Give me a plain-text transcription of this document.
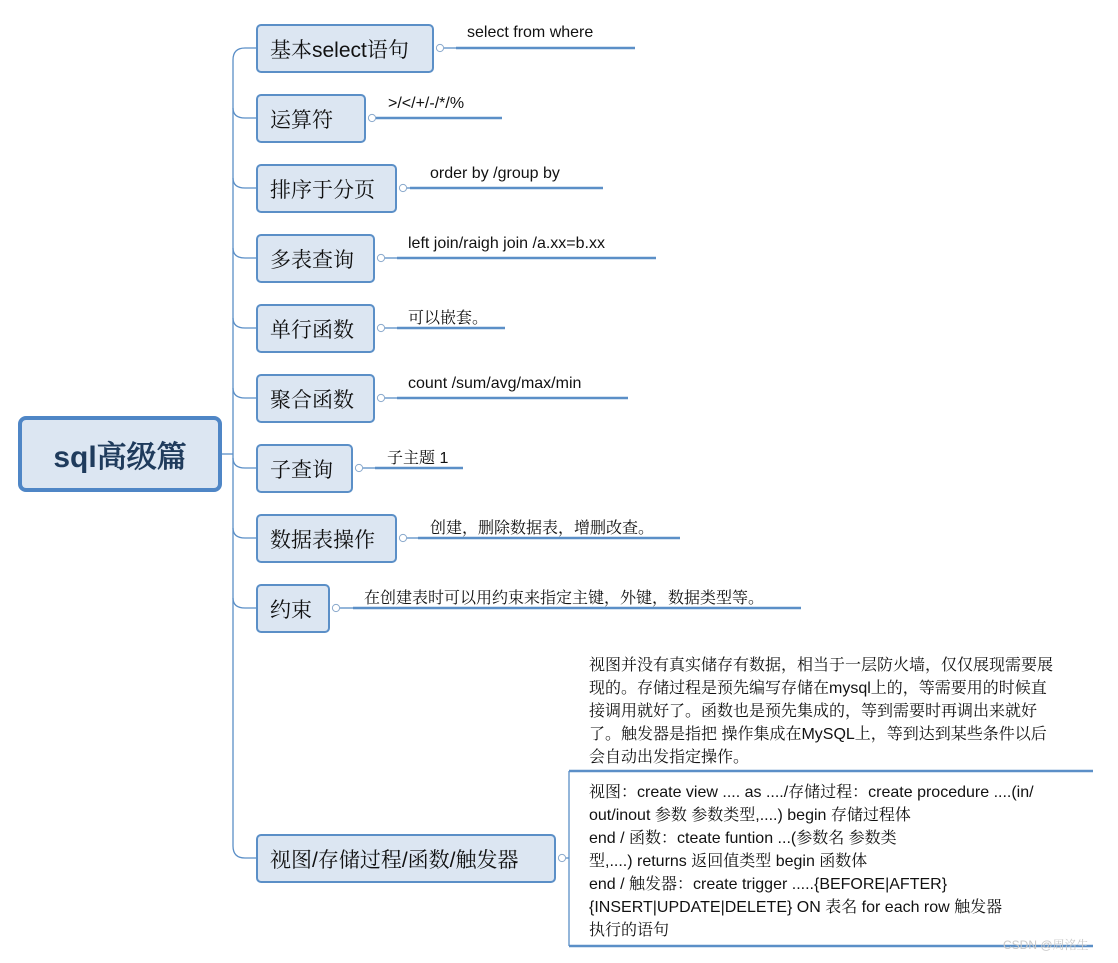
sql高级篇
基本select语句
运算符
排序于分页
多表查询
单行函数
聚合函数
子查询
数据表操作
约束
视图/存储过程/函数/触发器
select from where
>/</+/-/*/%
order by /group by
left join/raigh join /a.xx=b.xx
可以嵌套。
count /sum/avg/max/min
子主题 1
创建，删除数据表，增删改查。
在创建表时可以用约束来指定主键，外键，数据类型等。
视图并没有真实储存有数据，相当于一层防火墙，仅仅展现需要展
现的。存储过程是预先编写存储在mysql上的，等需要用的时候直
接调用就好了。函数也是预先集成的，等到需要时再调出来就好
了。触发器是指把 操作集成在MySQL上，等到达到某些条件以后
会自动出发指定操作。
视图：create view .... as ..../存储过程：create procedure ....(in/
out/inout 参数 参数类型,....) begin 存储过程体
end / 函数：cteate funtion ...(参数名 参数类
型,....) returns 返回值类型 begin 函数体
end / 触发器：create trigger .....{BEFORE|AFTER}
{INSERT|UPDATE|DELETE} ON 表名 for each row 触发器
执行的语句
CSDN @周洺生
